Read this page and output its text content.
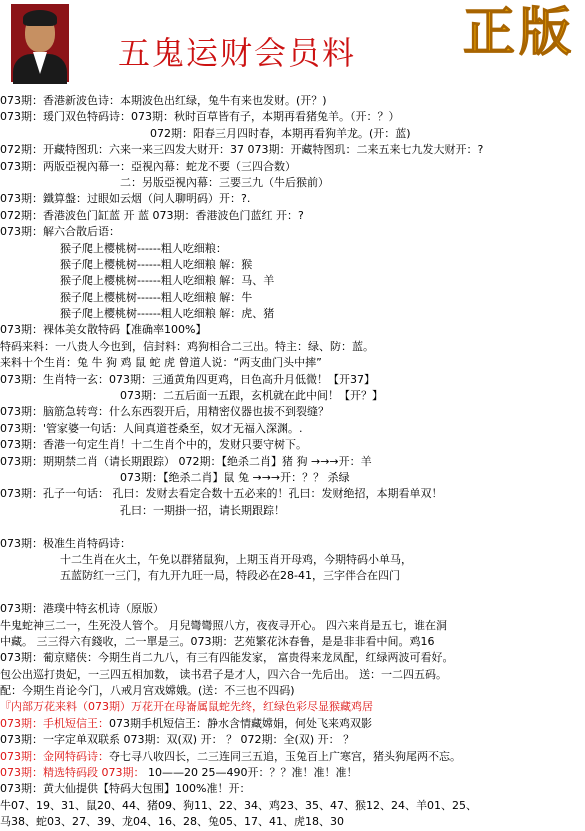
五鬼运财会员料 正版
073期：香港新波色诗：本期波色出红绿，兔牛有来也发财。(开？)
073期：瑗门双色特码诗：073期：秋时百草皆有子，本期再看猪兔羊。（开：？）
072期：阳春三月四时春，本期再看狗羊龙。(开：蓝)
072期：开藏特图玑：六来一来三四发大财开：37 073期：开藏特图玑：二来五来七九发大财开：?
073期：两版亞視內幕一：亞視內幕：蛇龙不要（三四合数）
二：另版亞視內幕：三要三九（牛后猴前）
073期：鐵算盤：过眼如云烟（问人聊明码）开：?.
072期：香港波色门缸蓝 开 蓝 073期：香港波色门蓝红 开：?
073期：解六合散后语：
猴子爬上樱桃树------粗人吃细粮：
猴子爬上樱桃树------粗人吃细粮 解：猴
猴子爬上樱桃树------粗人吃细粮 解：马、羊
猴子爬上樱桃树------粗人吃细粮 解：牛
猴子爬上樱桃树------粗人吃细粮 解：虎、猪
073期：裸体美女散特码【准确率100%】
特码来料：一八贵人今也到，信封料：鸡狗相合二三出。特主：绿、防：蓝。
来料十个生肖：兔 牛 狗 鸡 鼠 蛇 虎 曾道人说：“两支曲门头中摔”
073期：生肖特一玄：073期：三通黄角四更鸡，日色高升月低微！【开37】
073期：二五后面一五跟，玄机就在此中间！【开？】
073期：脑筋急转弯：什么东西裂开后，用精密仪器也拔不到裂缝？
073期：'管家婆一句话：人间真道苍桑至，奴才无福入深渊。.
073期：香港一句定生肖！十二生肖个中的，发财只要守树下。
073期：期期禁二肖（请长期跟踪） 072期：【绝杀二肖】猪 狗 →→→开：羊
073期：【绝杀二肖】鼠 兔 →→→开：？？ 杀绿
073期：孔子一句话： 孔曰：发财去看定合数十五必来的！孔曰：发财绝招，本期看单双！
孔曰：一期掛一招，请长期跟踪！
073期：极准生肖特码诗：
十二生肖在火土，午免以群猪鼠狗，上期玉肖开母鸡，今期特码小单马，
五蓝防红一三门，有九开九旺一局，特段必在28-41，三字伴合在四门
073期：港璞中特玄机诗（原版）
牛鬼蛇神三二一，生死没人管个。 月兒彎彎照八方，夜夜寻开心。 四六来肖是五七，谁在洞
中藏。 三三得六有錢收，二一單是三。073期：艺苑繁花沐春鲁，是是非非看中间。鸡16
073期：葡京赌侠：今期生肖二九八，有三有四能发家， 富贵得来龙凤配，红绿两波可看好。
包公出巡打贵妃，一三四五相加数， 读书君子是才人，四六合一先后出。 送：一二四五码。
配：今期生肖论今门，八戒月宫戏嫦娥。(送：不三也不四码)
『内部万花来料（073期）万花开在母崙属鼠蛇先终，红绿色彩尽显猴藏鸡居
073期：手机短信王：073期手机短信王：静水含情藏嫦娟，何处飞来鸡双影
073期：一字定单双联系 073期：双(双) 开： ？ 072期：全(双) 开： ？
073期：金网特码诗：夺七寻八收四长，二三连同三五追，玉兔百上广寒宫，猪头狗尾两不忘。
073期：精选特码段 073期： 10——20 25—490开：？？准！准！准！
073期：黄大仙提供【特码大包围】100%准！开：
牛07、19、31、鼠20、44、猪09、狗11、22、34、鸡23、35、47、猴12、24、羊01、25、
马38、蛇03、27、39、龙04、16、28、兔05、17、41、虎18、30
